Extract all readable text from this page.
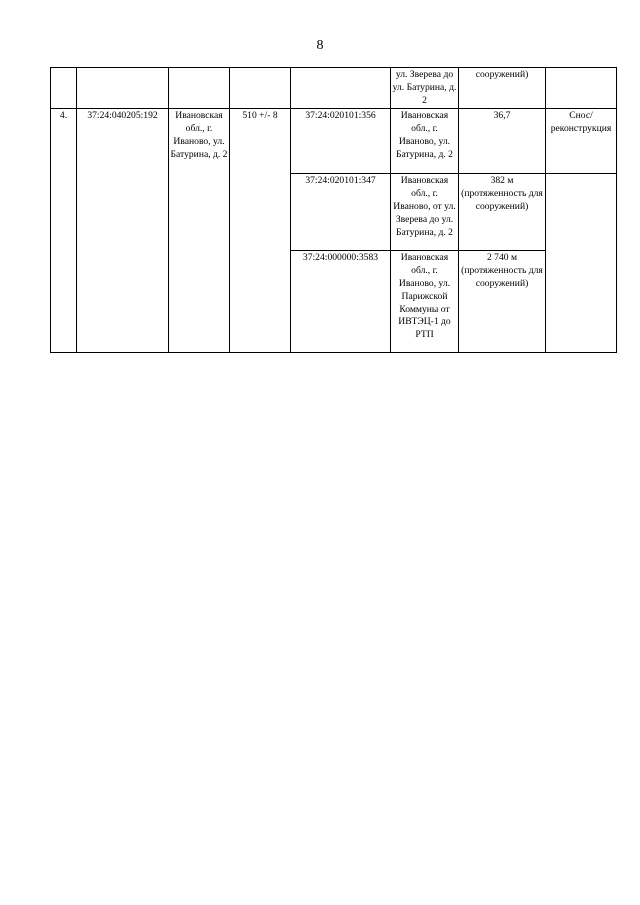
8
					ул. Зверева до ул. Батурина, д. 2	сооружений)	
4.	37:24:040205:192	Ивановская обл., г. Иваново, ул. Батурина, д. 2	510 +/- 8	37:24:020101:356	Ивановская обл., г. Иваново, ул. Батурина, д. 2	36,7	Снос/ реконструкция
				37:24:020101:347	Ивановская обл., г. Иваново, от ул. Зверева до ул. Батурина, д. 2	382 м (протяженность для сооружений)	
				37:24:000000:3583	Ивановская обл., г. Иваново, ул. Парижской Коммуны от ИВТЭЦ-1 до РТП	2 740 м (протяженность для сооружений)	
